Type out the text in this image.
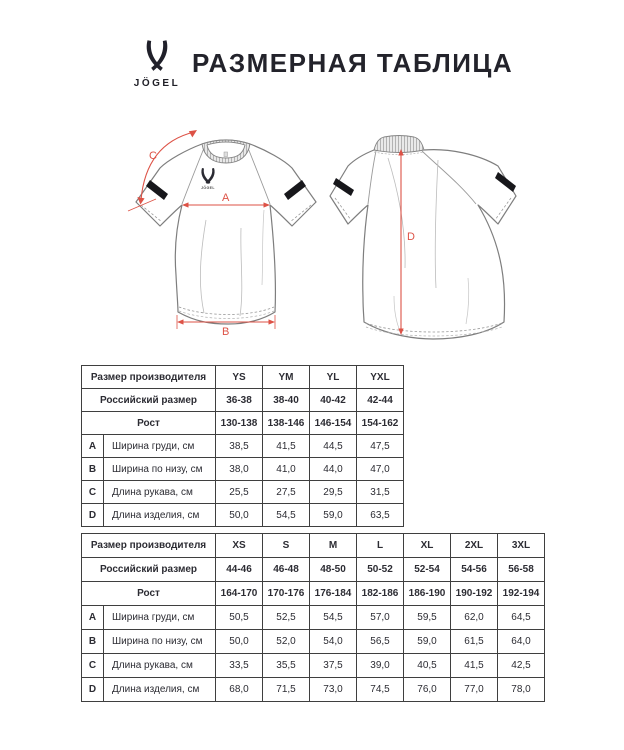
JÖGEL
РАЗМЕРНАЯ ТАБЛИЦА
JÖGEL
A
B
C
D
Размер производителя		YS	YM	YL	YXL
Российский размер		36-38	38-40	40-42	42-44
Рост		130-138	138-146	146-154	154-162
A	Ширина груди, см	38,5	41,5	44,5	47,5
B	Ширина по низу, см	38,0	41,0	44,0	47,0
C	Длина рукава, см	25,5	27,5	29,5	31,5
D	Длина изделия, см	50,0	54,5	59,0	63,5
Размер производителя		XS	S	M	L	XL	2XL	3XL
Российский размер		44-46	46-48	48-50	50-52	52-54	54-56	56-58
Рост		164-170	170-176	176-184	182-186	186-190	190-192	192-194
A	Ширина груди, см	50,5	52,5	54,5	57,0	59,5	62,0	64,5
B	Ширина по низу, см	50,0	52,0	54,0	56,5	59,0	61,5	64,0
C	Длина рукава, см	33,5	35,5	37,5	39,0	40,5	41,5	42,5
D	Длина изделия, см	68,0	71,5	73,0	74,5	76,0	77,0	78,0
